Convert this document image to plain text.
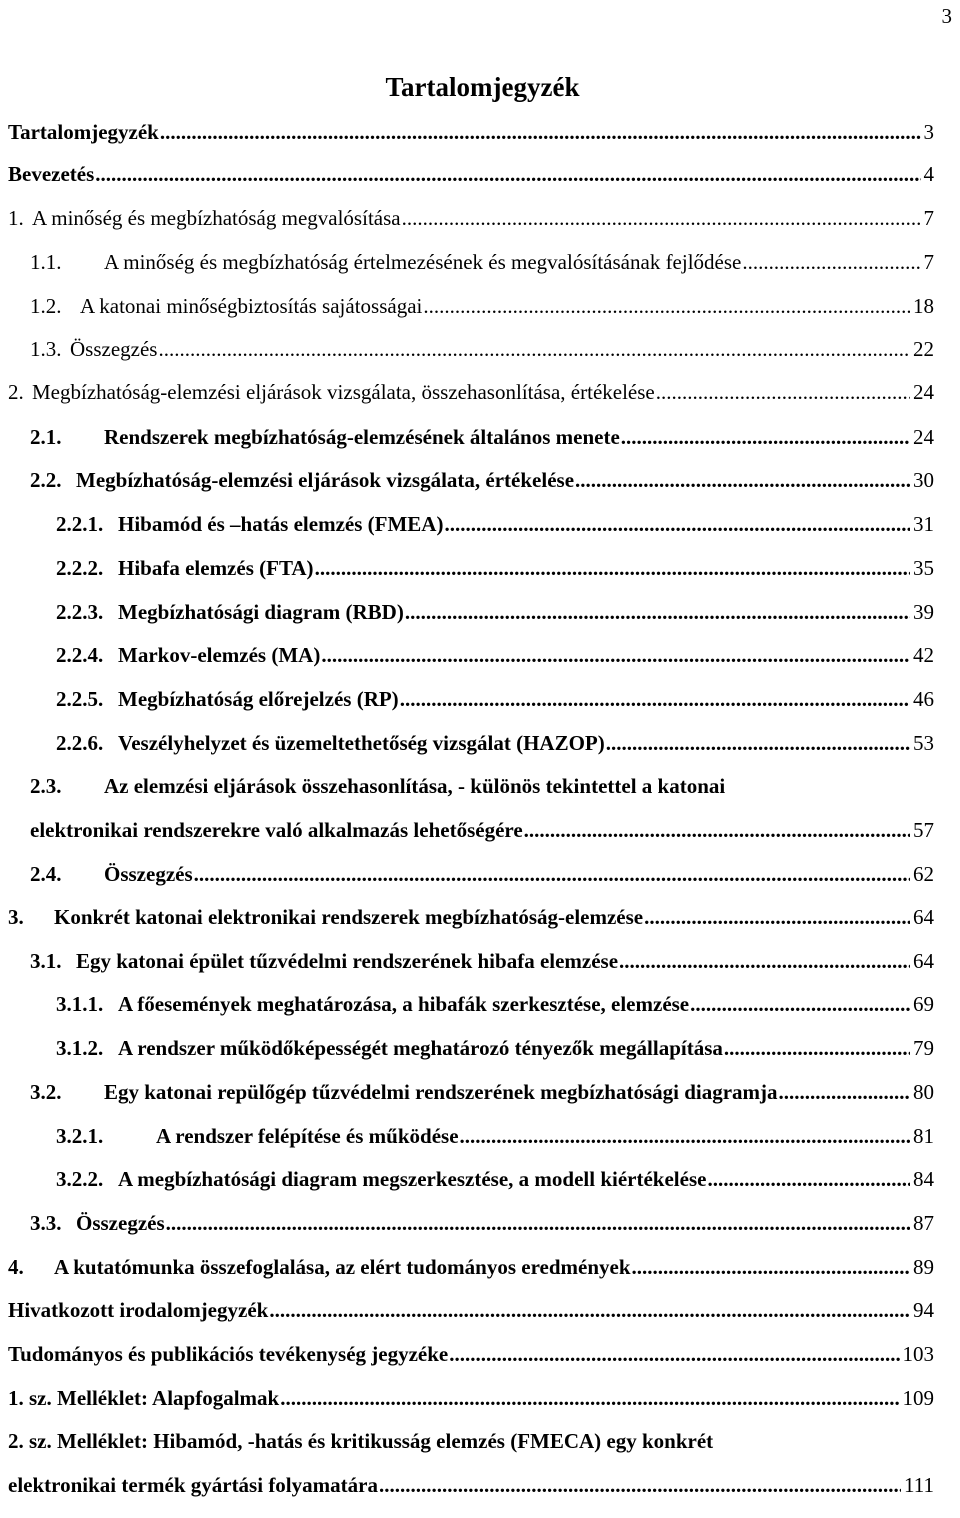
3
Tartalomjegyzék
Tartalomjegyzék .....	3
Bevezetés .....	4
1. A minőség és megbízhatóság megvalósítása .....	7
1.1. A minőség és megbízhatóság értelmezésének és megvalósításának fejlődése .....	7
1.2. A katonai minőségbiztosítás sajátosságai .....	18
1.3. Összegzés .....	22
2. Megbízhatóság-elemzési eljárások vizsgálata, összehasonlítása, értékelése .....	24
2.1. Rendszerek megbízhatóság-elemzésének általános menete .....	24
2.2. Megbízhatóság-elemzési eljárások vizsgálata, értékelése .....	30
2.2.1. Hibamód és –hatás elemzés (FMEA) .....	31
2.2.2. Hibafa elemzés (FTA) .....	35
2.2.3. Megbízhatósági diagram (RBD) .....	39
2.2.4. Markov-elemzés (MA) .....	42
2.2.5. Megbízhatóság előrejelzés (RP) .....	46
2.2.6. Veszélyhelyzet és üzemeltethetőség vizsgálat (HAZOP) .....	53
2.3. Az elemzési eljárások összehasonlítása, - különös tekintettel a katonai
elektronikai rendszerekre való alkalmazás lehetőségére .....	57
2.4. Összegzés .....	62
3. Konkrét katonai elektronikai rendszerek megbízhatóság-elemzése .....	64
3.1. Egy katonai épület tűzvédelmi rendszerének hibafa elemzése .....	64
3.1.1. A főesemények meghatározása, a hibafák szerkesztése, elemzése .....	69
3.1.2. A rendszer működőképességét meghatározó tényezők megállapítása .....	79
3.2. Egy katonai repülőgép tűzvédelmi rendszerének megbízhatósági diagramja .....	80
3.2.1.	A rendszer felépítése és működése .....	81
3.2.2. A megbízhatósági diagram megszerkesztése, a modell kiértékelése .....	84
3.3. Összegzés .....	87
4. A kutatómunka összefoglalása, az elért tudományos eredmények .....	89
Hivatkozott irodalomjegyzék .....	94
Tudományos és publikációs tevékenység jegyzéke .....	103
1. sz. Melléklet: Alapfogalmak .....	109
2. sz. Melléklet: Hibamód, -hatás és kritikusság elemzés (FMECA) egy konkrét
elektronikai termék gyártási folyamatára .....	111
